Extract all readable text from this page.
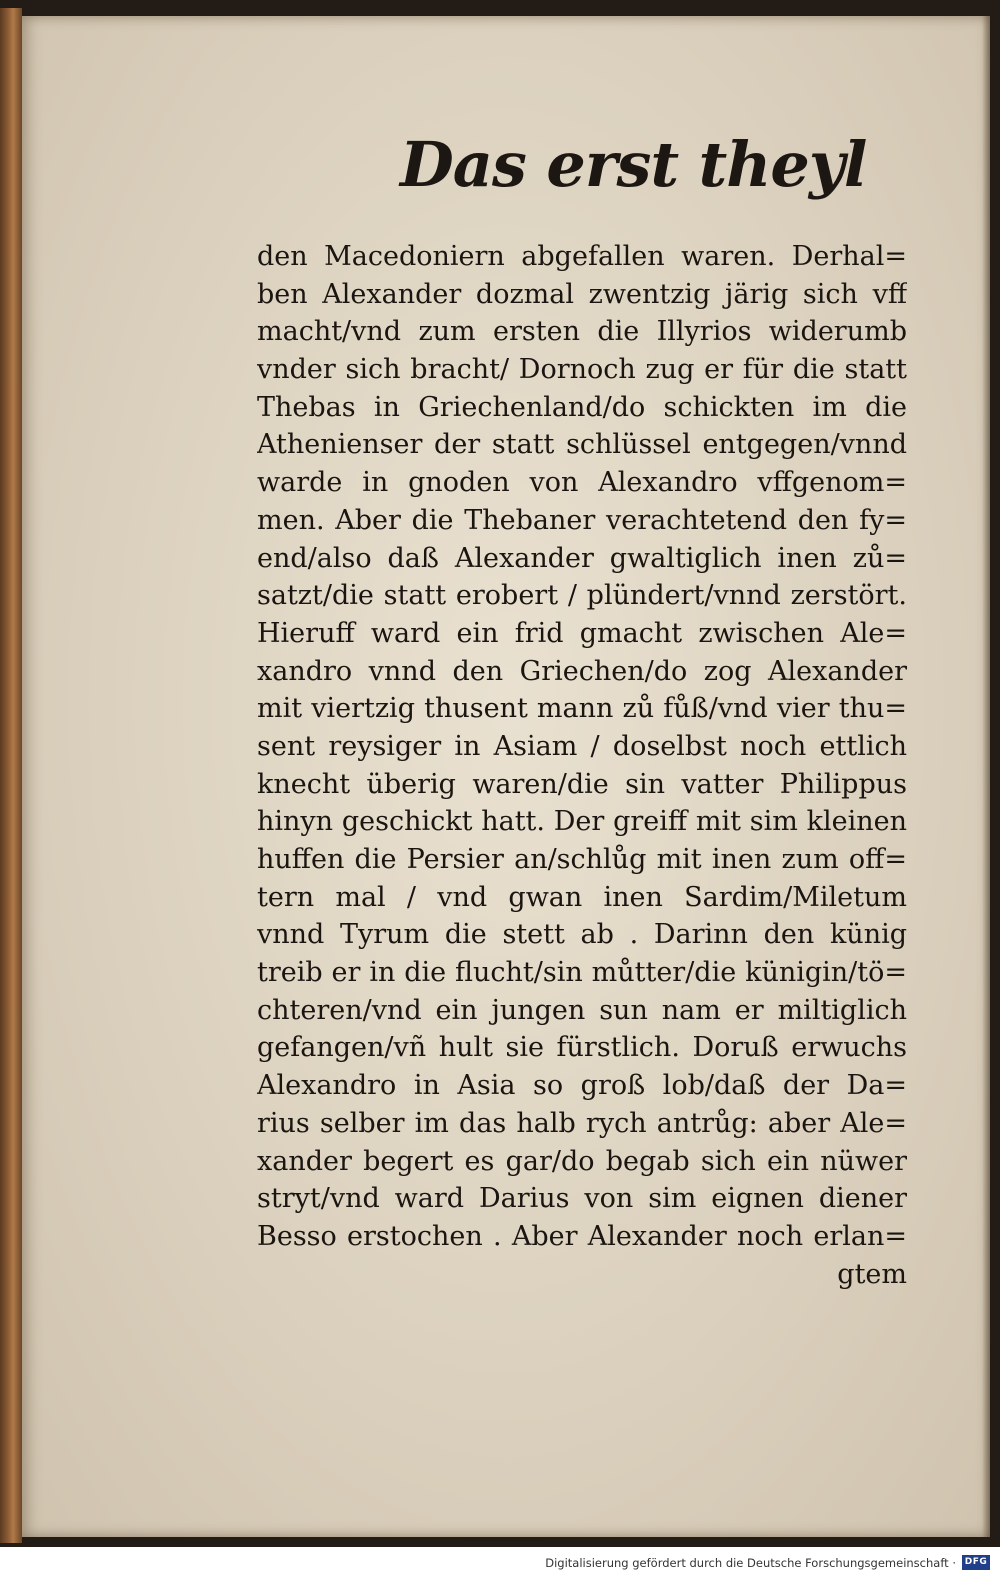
Das erst theyl
den Macedoniern abgefallen waren. Derhal=
ben Alexander dozmal zwentzig järig sich vff
macht/vnd zum ersten die Illyrios widerumb
vnder sich bracht/ Dornoch zug er für die statt
Thebas in Griechenland/do schickten im die
Athenienser der statt schlüssel entgegen/vnnd
warde in gnoden von Alexandro vffgenom=
men. Aber die Thebaner verachtetend den fy=
end/also daß Alexander gwaltiglich inen zů=
satzt/die statt erobert / plündert/vnnd zerstört.
Hieruff ward ein frid gmacht zwischen Ale=
xandro vnnd den Griechen/do zog Alexander
mit viertzig thusent mann zů fůß/vnd vier thu=
sent reysiger in Asiam / doselbst noch ettlich
knecht überig waren/die sin vatter Philippus
hinyn geschickt hatt. Der greiff mit sim kleinen
huffen die Persier an/schlůg mit inen zum off=
tern mal / vnd gwan inen Sardim/Miletum
vnnd Tyrum die stett ab . Darinn den künig
treib er in die flucht/sin můtter/die künigin/tö=
chteren/vnd ein jungen sun nam er miltiglich
gefangen/vñ hult sie fürstlich. Doruß erwuchs
Alexandro in Asia so groß lob/daß der Da=
rius selber im das halb rych antrůg: aber Ale=
xander begert es gar/do begab sich ein nüwer
stryt/vnd ward Darius von sim eignen diener
Besso erstochen . Aber Alexander noch erlan=
gtem
Digitalisierung gefördert durch die Deutsche Forschungsgemeinschaft · DFG
